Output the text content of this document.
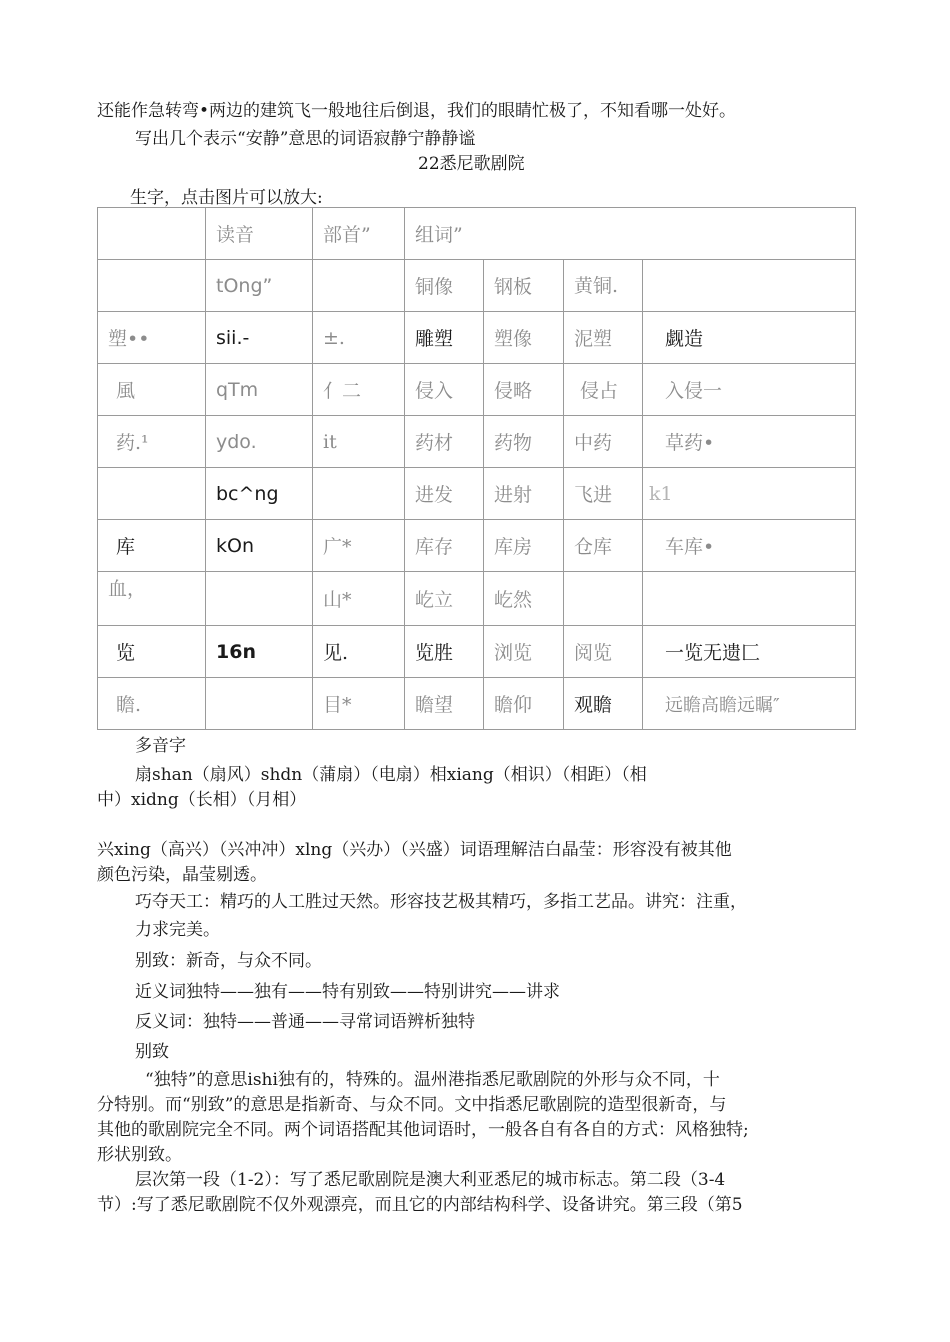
还能作急转弯•两边的建筑飞一般地往后倒退，我们的眼睛忙极了，不知看哪一处好。
写出几个表示“安静”意思的词语寂静宁静静谧
22悉尼歌剧院
生字，点击图片可以放大:
	读音	部首”	组词”			
	tOng”		铜像	钢板	黄铜.	
塑••	sii.-	±.	雕塑	塑像	泥塑	觑造
風	qTm	亻二	侵入	侵略	侵占	入侵一
药.¹	ydo.	it	药材	药物	中药	草药•
	bc^ng		进发	进射	飞进	k1
库	kOn	广*	库存	库房	仓库	车库•
血，		山*	屹立	屹然		
览	16n	见.	览胜	浏览	阅览	一览无遗匚
瞻.		目*	瞻望	瞻仰	观瞻	远瞻高瞻远瞩″
多音字
扇shan（扇风）shdn（蒲扇）（电扇）相xiang（相识）（相距）（相
中）xidng（长相）（月相）
兴xing（高兴）（兴冲冲）xlng（兴办）（兴盛）词语理解洁白晶莹：形容没有被其他
颜色污染，晶莹剔透。
巧夺天工：精巧的人工胜过天然。形容技艺极其精巧，多指工艺品。讲究：注重，
力求完美。
别致：新奇，与众不同。
近义词独特——独有——特有别致——特别讲究——讲求
反义词：独特——普通——寻常词语辨析独特
别致
“独特”的意思ishi独有的，特殊的。温州港指悉尼歌剧院的外形与众不同，十
分特别。而“别致”的意思是指新奇、与众不同。文中指悉尼歌剧院的造型很新奇，与
其他的歌剧院完全不同。两个词语搭配其他词语时，一般各自有各自的方式：风格独特;
形状别致。
层次第一段（1-2）：写了悉尼歌剧院是澳大利亚悉尼的城市标志。第二段（3-4
节）:写了悉尼歌剧院不仅外观漂亮，而且它的内部结构科学、设备讲究。第三段（第5
